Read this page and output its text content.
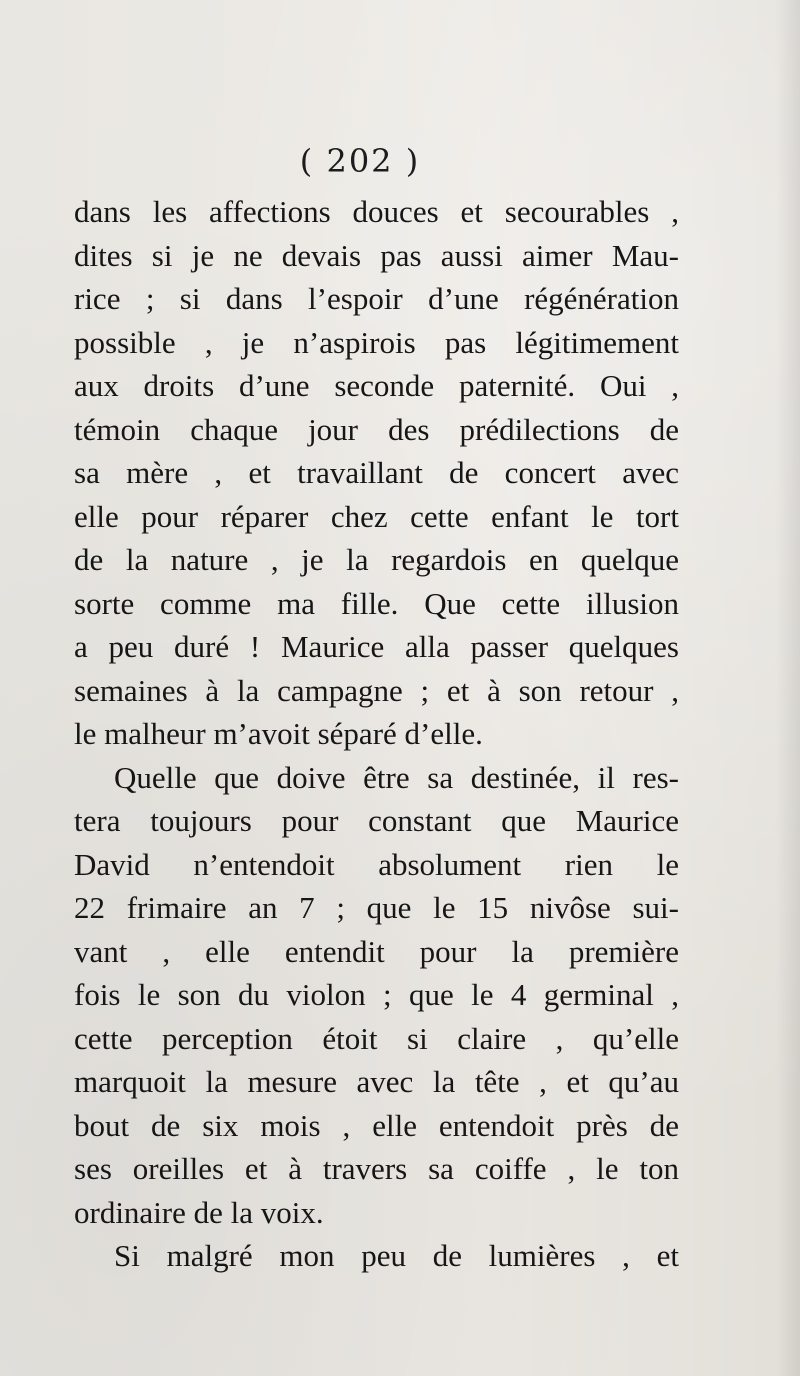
( 202 )
dans les affections douces et secourables ,
dites si je ne devais pas aussi aimer Mau-
rice ; si dans l’espoir d’une régénération
possible , je n’aspirois pas légitimement
aux droits d’une seconde paternité. Oui ,
témoin chaque jour des prédilections de
sa mère , et travaillant de concert avec
elle pour réparer chez cette enfant le tort
de la nature , je la regardois en quelque
sorte comme ma fille. Que cette illusion
a peu duré ! Maurice alla passer quelques
semaines à la campagne ; et à son retour ,
le malheur m’avoit séparé d’elle.
Quelle que doive être sa destinée, il res-
tera toujours pour constant que Maurice
David n’entendoit absolument rien le
22 frimaire an 7 ; que le 15 nivôse sui-
vant , elle entendit pour la première
fois le son du violon ; que le 4 germinal ,
cette perception étoit si claire , qu’elle
marquoit la mesure avec la tête , et qu’au
bout de six mois , elle entendoit près de
ses oreilles et à travers sa coiffe , le ton
ordinaire de la voix.
Si malgré mon peu de lumières , et
